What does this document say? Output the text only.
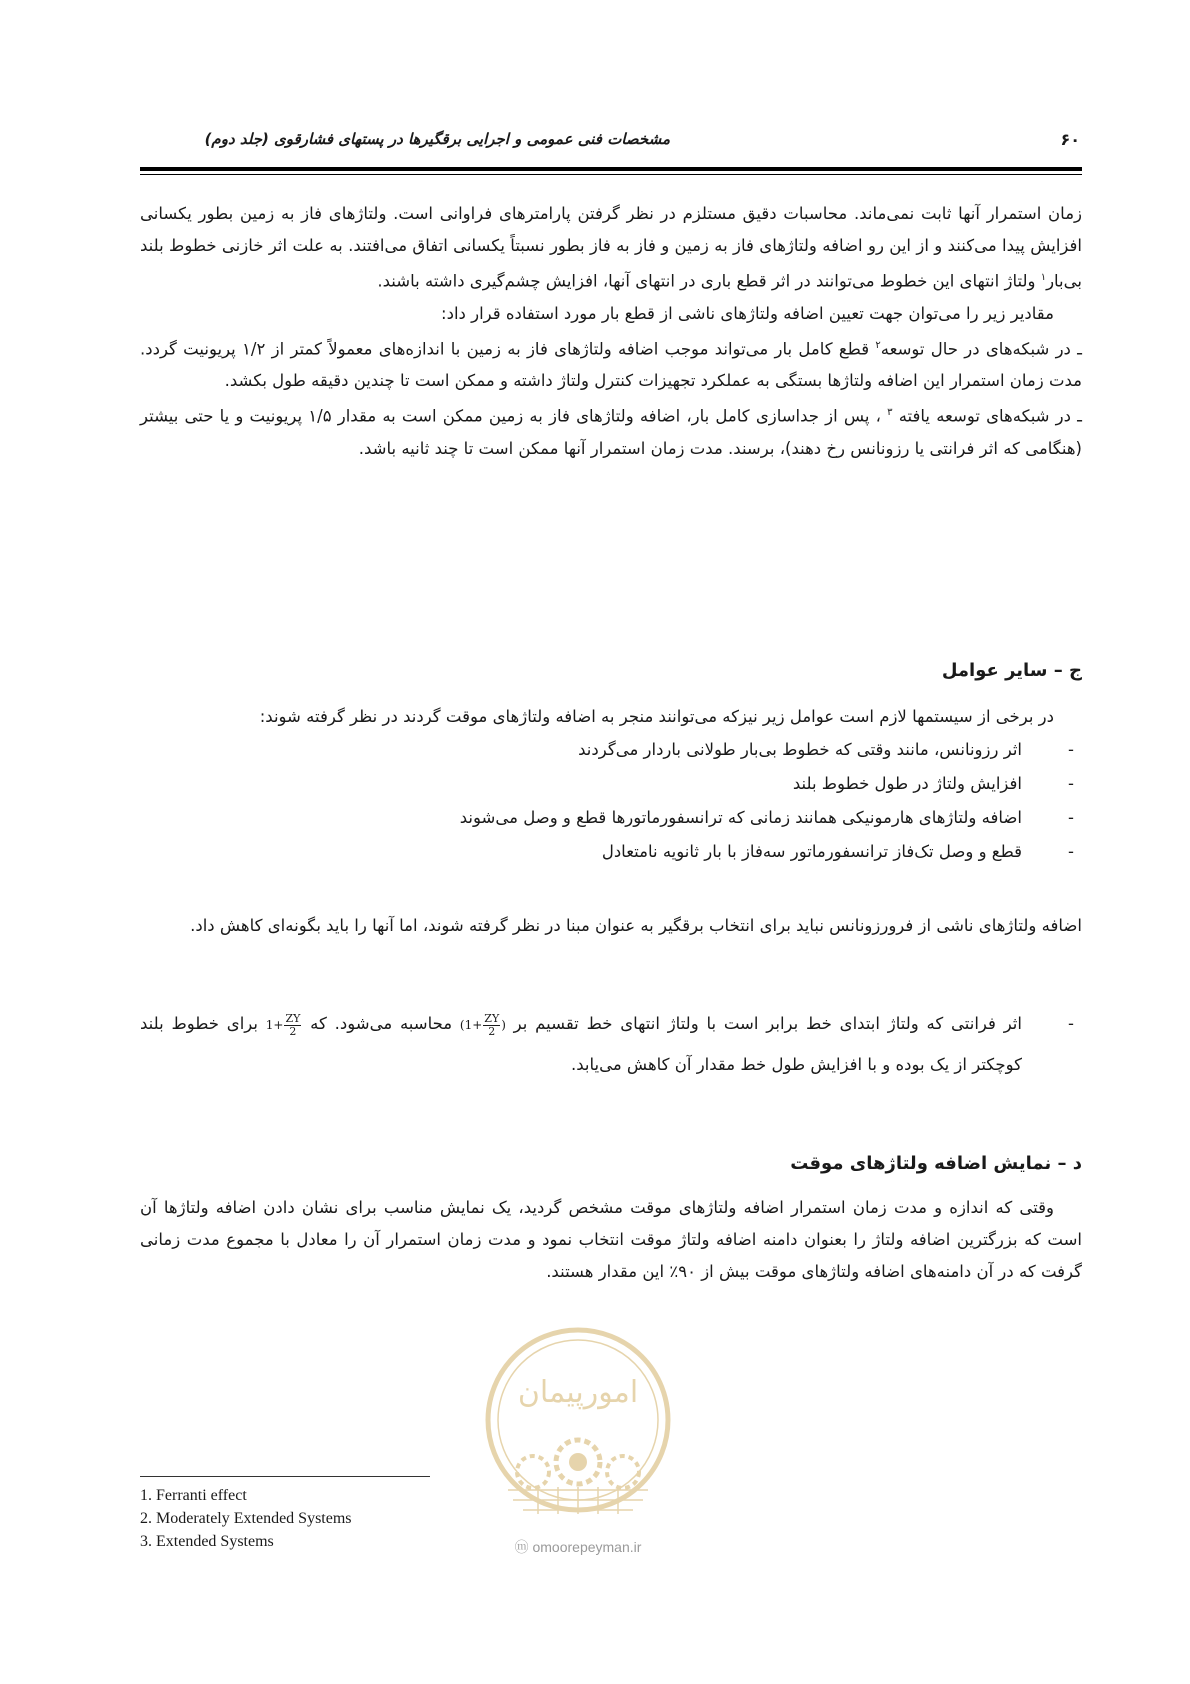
۶۰
مشخصات فنی عمومی و اجرایی برقگیرها در پستهای فشارقوی (جلد دوم)

زمان استمرار آنها ثابت نمی‌ماند. محاسبات دقیق مستلزم در نظر گرفتن پارامترهای فراوانی است. ولتاژهای فاز به زمین بطور یکسانی افزایش پیدا می‌کنند و از این رو اضافه ولتاژهای فاز به زمین و فاز به فاز بطور نسبتاً یکسانی اتفاق می‌افتند. به علت اثر خازنی خطوط بلند بی‌بار$^۱$ ولتاژ انتهای این خطوط می‌توانند در اثر قطع باری در انتهای آنها، افزایش چشم‌گیری داشته باشند.

مقادیر زیر را می‌توان جهت تعیین اضافه ولتاژهای ناشی از قطع بار مورد استفاده قرار داد:

ـ در شبکه‌های در حال توسعه$^۲$ قطع کامل بار می‌تواند موجب اضافه ولتاژهای فاز به زمین با اندازه‌های معمولاً کمتر از ۱/۲ پریونیت گردد. مدت زمان استمرار این اضافه ولتاژها بستگی به عملکرد تجهیزات کنترل ولتاژ داشته و ممکن است تا چندین دقیقه طول بکشد.

ـ در شبکه‌های توسعه یافته $^۳$ ، پس از جداسازی کامل بار، اضافه ولتاژهای فاز به زمین ممکن است به مقدار ۱/۵ پریونیت و یا حتی بیشتر (هنگامی که اثر فرانتی یا رزونانس رخ دهند)، برسند. مدت زمان استمرار آنها ممکن است تا چند ثانیه باشد.

ج – سایر عوامل
در برخی از سیستمها لازم است عوامل زیر نیزکه می‌توانند منجر به اضافه ولتاژهای موقت گردند در نظر گرفته شوند:
-
اثر رزونانس، مانند وقتی که خطوط بی‌بار طولانی باردار می‌گردند
-
افزایش ولتاژ در طول خطوط بلند
-
اضافه ولتاژهای هارمونیکی همانند زمانی که ترانسفورماتورها قطع و وصل می‌شوند
-
قطع و وصل تک‌فاز ترانسفورماتور سه‌فاز با بار ثانویه نامتعادل
اضافه ولتاژهای ناشی از فرورزونانس نباید برای انتخاب برقگیر به عنوان مبنا در نظر گرفته شوند، اما آنها را باید بگونه‌ای کاهش داد.
-
اثر فرانتی که ولتاژ ابتدای خط برابر است با ولتاژ انتهای خط تقسیم بر ($1+ \frac{ZY}{2}$ ) محاسبه می‌شود. که $1+ \frac{ZY}{2}$
برای خطوط بلند کوچکتر از یک بوده و با افزایش طول خط مقدار آن کاهش می‌یابد.
د – نمایش اضافه ولتاژهای موقت
وقتی که اندازه و مدت زمان استمرار اضافه ولتاژهای موقت مشخص گردید، یک نمایش مناسب برای نشان دادن اضافه ولتاژها آن است که بزرگترین اضافه ولتاژ را بعنوان دامنه اضافه ولتاژ موقت انتخاب نمود و مدت زمان استمرار آن را معادل با مجموع مدت زمانی گرفت که در آن دامنه‌های اضافه ولتاژهای موقت بیش از ۹۰٪ این مقدار هستند.
امورپیمان
ⓜ omoorepeyman.ir
1. Ferranti effect
2. Moderately Extended Systems
3. Extended Systems
